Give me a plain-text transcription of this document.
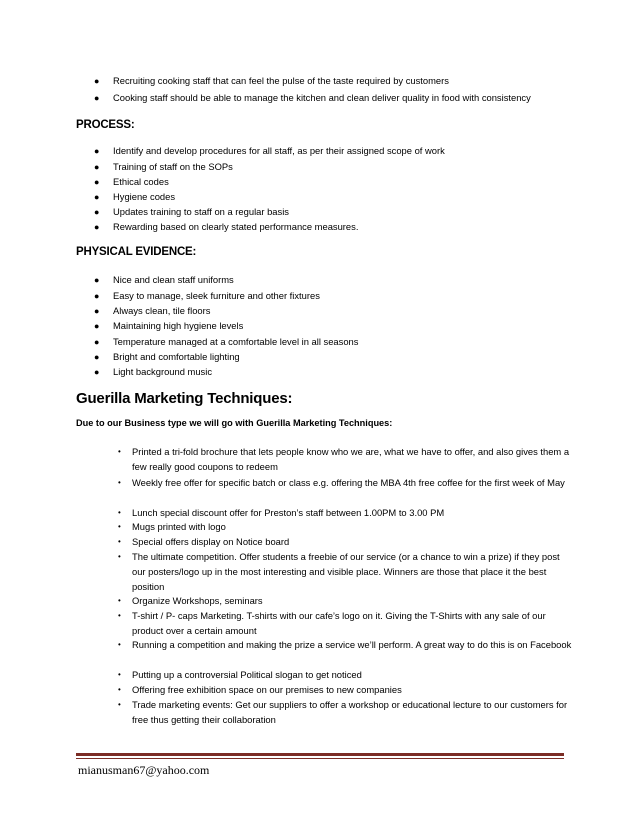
● Recruiting cooking staff that can feel the pulse of the taste required by customers
● Cooking staff should be able to manage the kitchen and clean deliver quality in food with consistency
PROCESS:
● Identify and develop procedures for all staff, as per their assigned scope of work
● Training of staff on the SOPs
● Ethical codes
● Hygiene codes
● Updates training to staff on a regular basis
● Rewarding based on clearly stated performance measures.
PHYSICAL EVIDENCE:
● Nice and clean staff uniforms
● Easy to manage, sleek furniture and other fixtures
● Always clean, tile floors
● Maintaining high hygiene levels
● Temperature managed at a comfortable level in all seasons
● Bright and comfortable lighting
● Light background music
Guerilla Marketing Techniques:
Due to our Business type we will go with Guerilla Marketing Techniques:
• Printed a tri-fold brochure that lets people know who we are, what we have to offer, and also gives them a few really good coupons to redeem
• Weekly free offer for specific batch or class e.g. offering the MBA 4th free coffee for the first week of May
• Lunch special discount offer for Preston’s staff between 1.00PM to 3.00 PM
• Mugs printed with logo
• Special offers display on Notice board
• The ultimate competition. Offer students a freebie of our service (or a chance to win a prize) if they post our posters/logo up in the most interesting and visible place. Winners are those that place it the best position
• Organize Workshops, seminars
• T-shirt / P- caps Marketing. T-shirts with our cafe’s logo on it. Giving the T-Shirts with any sale of our product over a certain amount
• Running a competition and making the prize a service we’ll perform. A great way to do this is on Facebook
• Putting up a controversial Political slogan to get noticed
• Offering free exhibition space on our premises to new companies
• Trade marketing events: Get our suppliers to offer a workshop or educational lecture to our customers for free thus getting their collaboration
mianusman67@yahoo.com
